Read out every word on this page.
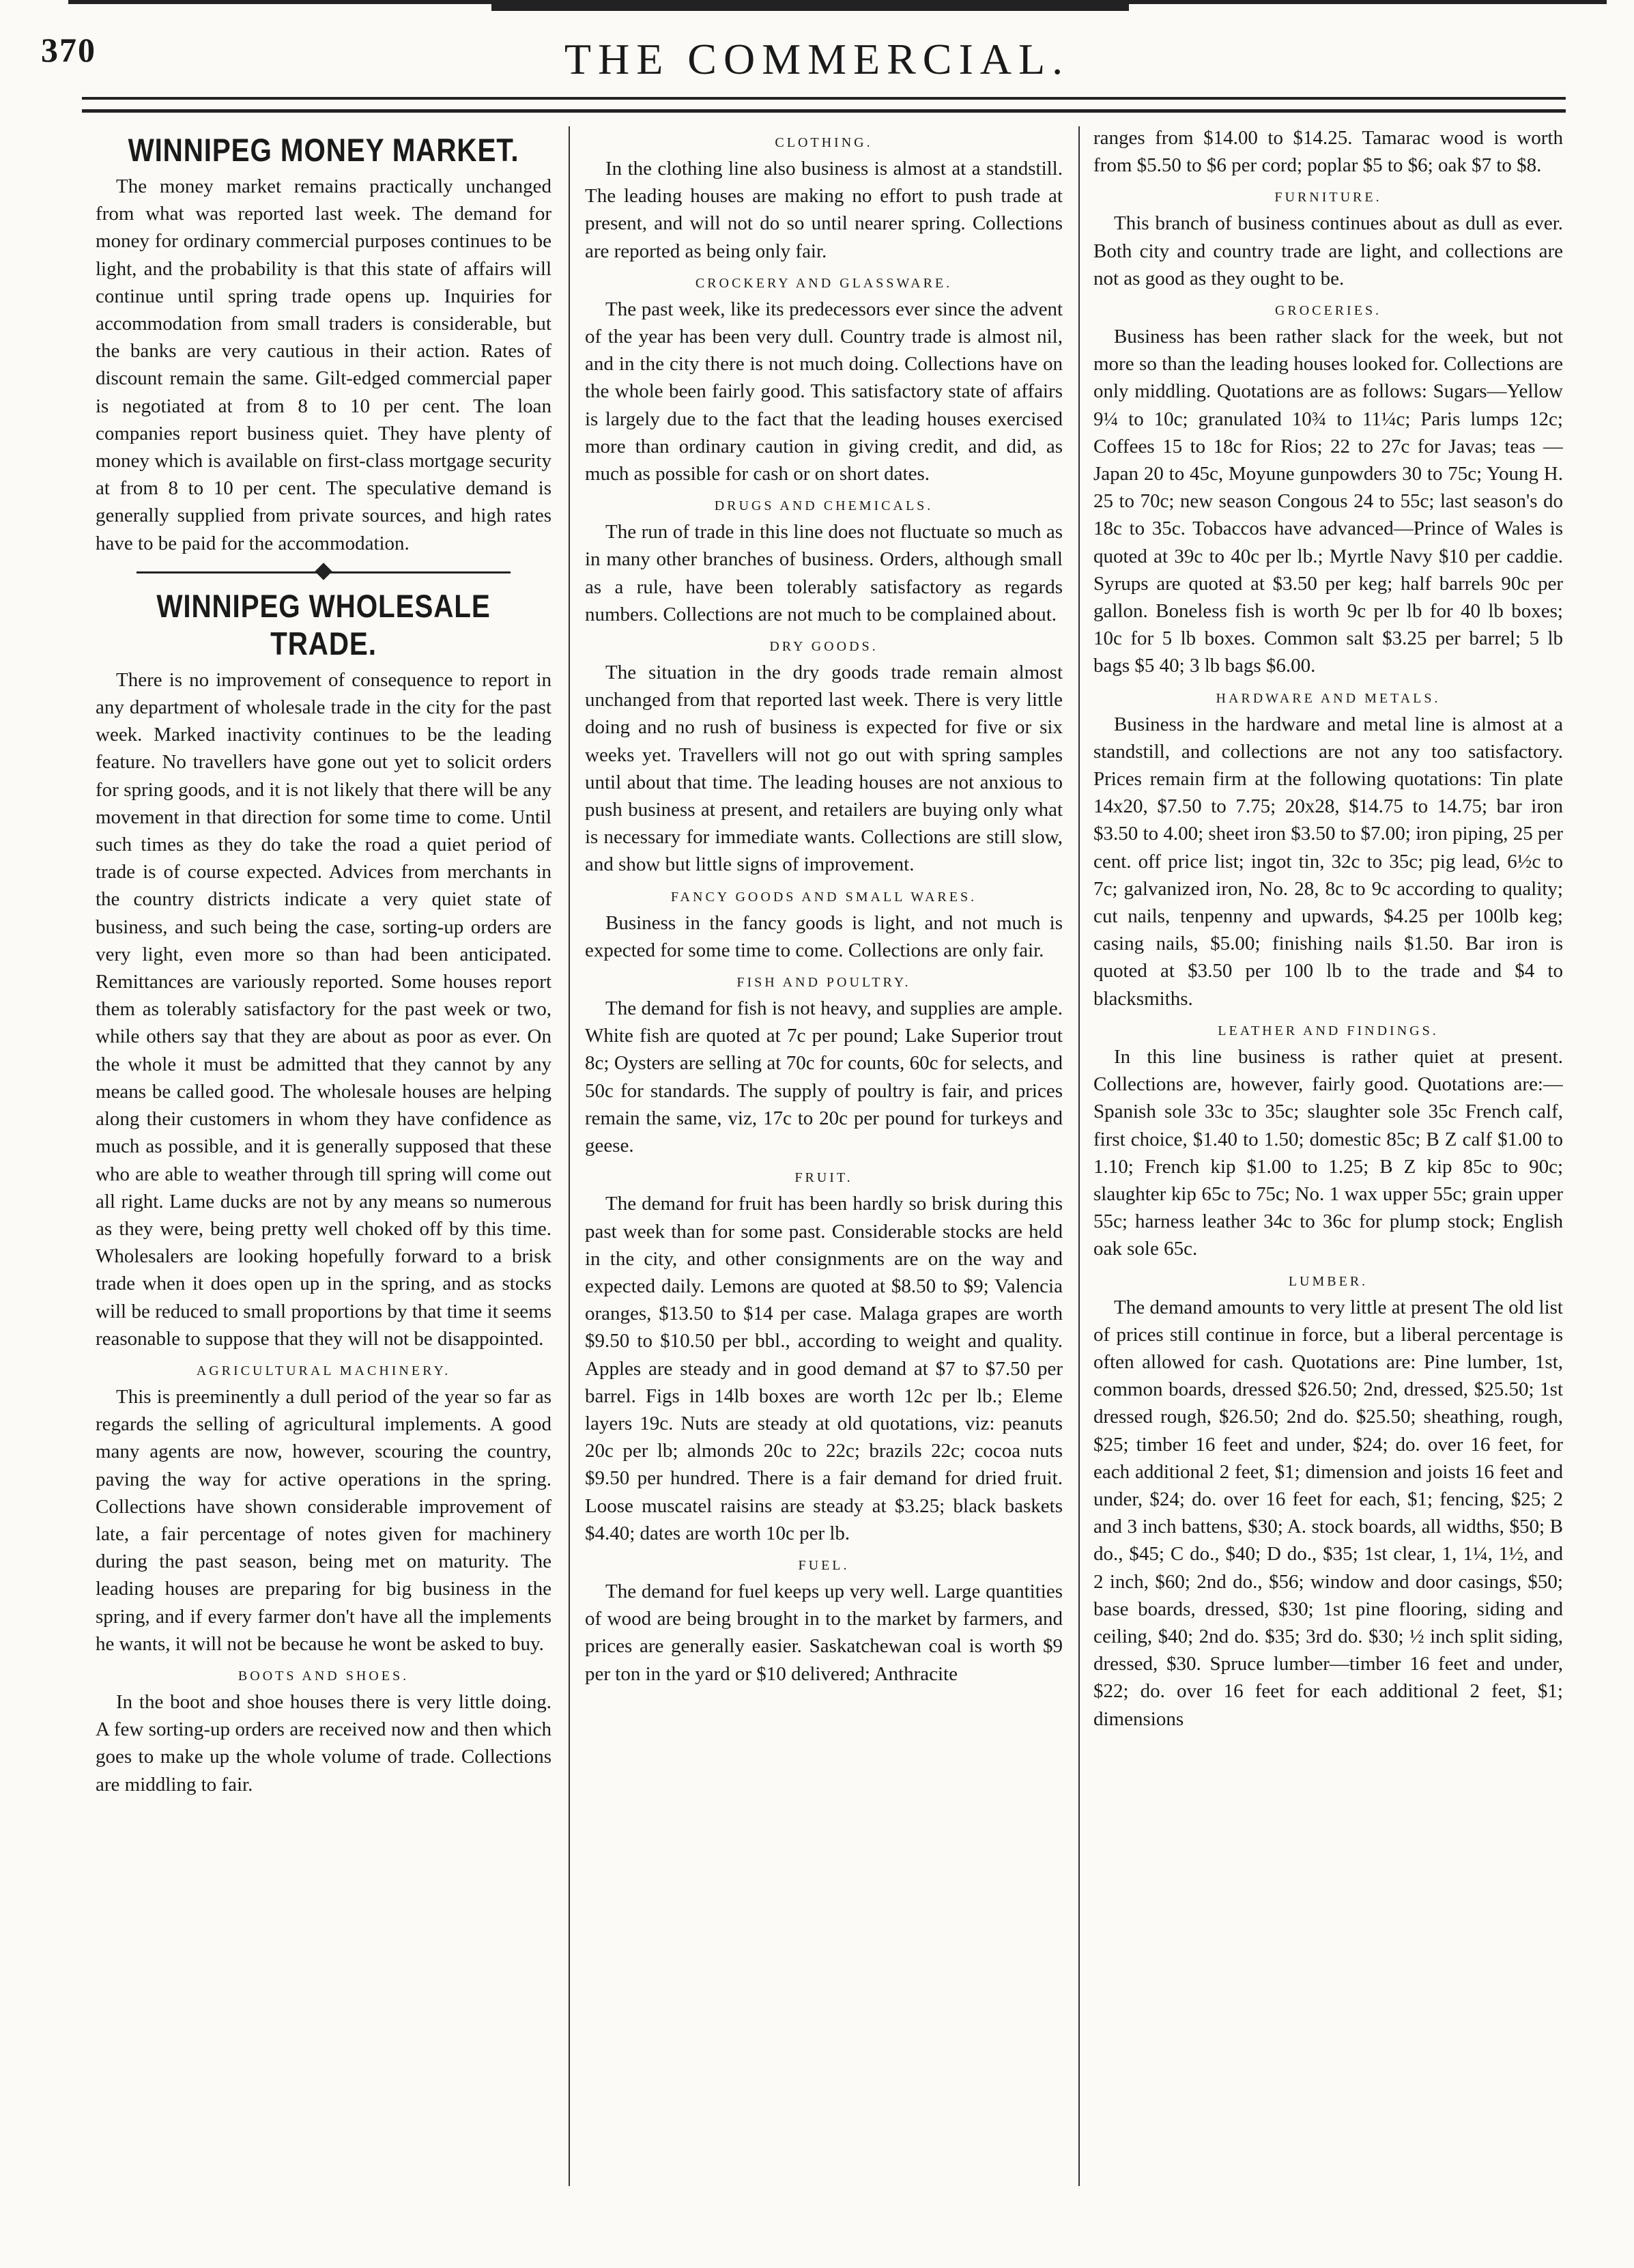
370	THE COMMERCIAL.
WINNIPEG MONEY MARKET.

The money market remains practically unchanged from what was reported last week. The demand for money for ordinary commercial purposes continues to be light, and the probability is that this state of affairs will continue until spring trade opens up. Inquiries for accommodation from small traders is considerable, but the banks are very cautious in their action. Rates of discount remain the same. Gilt-edged commercial paper is negotiated at from 8 to 10 per cent. The loan companies report business quiet. They have plenty of money which is available on first-class mortgage security at from 8 to 10 per cent. The speculative demand is generally supplied from private sources, and high rates have to be paid for the accommodation.

WINNIPEG WHOLESALE TRADE.

There is no improvement of consequence to report in any department of wholesale trade in the city for the past week. Marked inactivity continues to be the leading feature. No travellers have gone out yet to solicit orders for spring goods, and it is not likely that there will be any movement in that direction for some time to come. Until such times as they do take the road a quiet period of trade is of course expected. Advices from merchants in the country districts indicate a very quiet state of business, and such being the case, sorting-up orders are very light, even more so than had been anticipated. Remittances are variously reported. Some houses report them as tolerably satisfactory for the past week or two, while others say that they are about as poor as ever. On the whole it must be admitted that they cannot by any means be called good. The wholesale houses are helping along their customers in whom they have confidence as much as possible, and it is generally supposed that these who are able to weather through till spring will come out all right. Lame ducks are not by any means so numerous as they were, being pretty well choked off by this time. Wholesalers are looking hopefully forward to a brisk trade when it does open up in the spring, and as stocks will be reduced to small proportions by that time it seems reasonable to suppose that they will not be disappointed.

AGRICULTURAL MACHINERY.

This is preeminently a dull period of the year so far as regards the selling of agricultural implements. A good many agents are now, however, scouring the country, paving the way for active operations in the spring. Collections have shown considerable improvement of late, a fair percentage of notes given for machinery during the past season, being met on maturity. The leading houses are preparing for big business in the spring, and if every farmer don't have all the implements he wants, it will not be because he wont be asked to buy.

BOOTS AND SHOES.

In the boot and shoe houses there is very little doing. A few sorting-up orders are received now and then which goes to make up the whole volume of trade. Collections are middling to fair.

CLOTHING.

In the clothing line also business is almost at a standstill. The leading houses are making no effort to push trade at present, and will not do so until nearer spring. Collections are reported as being only fair.

CROCKERY AND GLASSWARE.

The past week, like its predecessors ever since the advent of the year has been very dull. Country trade is almost nil, and in the city there is not much doing. Collections have on the whole been fairly good. This satisfactory state of affairs is largely due to the fact that the leading houses exercised more than ordinary caution in giving credit, and did, as much as possible for cash or on short dates.

DRUGS AND CHEMICALS.

The run of trade in this line does not fluctuate so much as in many other branches of business. Orders, although small as a rule, have been tolerably satisfactory as regards numbers. Collections are not much to be complained about.

DRY GOODS.

The situation in the dry goods trade remain almost unchanged from that reported last week. There is very little doing and no rush of business is expected for five or six weeks yet. Travellers will not go out with spring samples until about that time. The leading houses are not anxious to push business at present, and retailers are buying only what is necessary for immediate wants. Collections are still slow, and show but little signs of improvement.

FANCY GOODS AND SMALL WARES.

Business in the fancy goods is light, and not much is expected for some time to come. Collections are only fair.

FISH AND POULTRY.

The demand for fish is not heavy, and supplies are ample. White fish are quoted at 7c per pound; Lake Superior trout 8c; Oysters are selling at 70c for counts, 60c for selects, and 50c for standards. The supply of poultry is fair, and prices remain the same, viz, 17c to 20c per pound for turkeys and geese.

FRUIT.

The demand for fruit has been hardly so brisk during this past week than for some past. Considerable stocks are held in the city, and other consignments are on the way and expected daily. Lemons are quoted at $8.50 to $9; Valencia oranges, $13.50 to $14 per case. Malaga grapes are worth $9.50 to $10.50 per bbl., according to weight and quality. Apples are steady and in good demand at $7 to $7.50 per barrel. Figs in 14lb boxes are worth 12c per lb.; Eleme layers 19c. Nuts are steady at old quotations, viz: peanuts 20c per lb; almonds 20c to 22c; brazils 22c; cocoa nuts $9.50 per hundred. There is a fair demand for dried fruit. Loose muscatel raisins are steady at $3.25; black baskets $4.40; dates are worth 10c per lb.

FUEL.

The demand for fuel keeps up very well. Large quantities of wood are being brought in to the market by farmers, and prices are generally easier. Saskatchewan coal is worth $9 per ton in the yard or $10 delivered; Anthracite

ranges from $14.00 to $14.25. Tamarac wood is worth from $5.50 to $6 per cord; poplar $5 to $6; oak $7 to $8.

FURNITURE.

This branch of business continues about as dull as ever. Both city and country trade are light, and collections are not as good as they ought to be.

GROCERIES.

Business has been rather slack for the week, but not more so than the leading houses looked for. Collections are only middling. Quotations are as follows: Sugars—Yellow 9¼ to 10c; granulated 10¾ to 11¼c; Paris lumps 12c; Coffees 15 to 18c for Rios; 22 to 27c for Javas; teas — Japan 20 to 45c, Moyune gunpowders 30 to 75c; Young H. 25 to 70c; new season Congous 24 to 55c; last season's do 18c to 35c. Tobaccos have advanced—Prince of Wales is quoted at 39c to 40c per lb.; Myrtle Navy $10 per caddie. Syrups are quoted at $3.50 per keg; half barrels 90c per gallon. Boneless fish is worth 9c per lb for 40 lb boxes; 10c for 5 lb boxes. Common salt $3.25 per barrel; 5 lb bags $5 40; 3 lb bags $6.00.

HARDWARE AND METALS.

Business in the hardware and metal line is almost at a standstill, and collections are not any too satisfactory. Prices remain firm at the following quotations: Tin plate 14x20, $7.50 to 7.75; 20x28, $14.75 to 14.75; bar iron $3.50 to 4.00; sheet iron $3.50 to $7.00; iron piping, 25 per cent. off price list; ingot tin, 32c to 35c; pig lead, 6½c to 7c; galvanized iron, No. 28, 8c to 9c according to quality; cut nails, tenpenny and upwards, $4.25 per 100lb keg; casing nails, $5.00; finishing nails $1.50. Bar iron is quoted at $3.50 per 100 lb to the trade and $4 to blacksmiths.

LEATHER AND FINDINGS.

In this line business is rather quiet at present. Collections are, however, fairly good. Quotations are:—Spanish sole 33c to 35c; slaughter sole 35c French calf, first choice, $1.40 to 1.50; domestic 85c; B Z calf $1.00 to 1.10; French kip $1.00 to 1.25; B Z kip 85c to 90c; slaughter kip 65c to 75c; No. 1 wax upper 55c; grain upper 55c; harness leather 34c to 36c for plump stock; English oak sole 65c.

LUMBER.

The demand amounts to very little at present The old list of prices still continue in force, but a liberal percentage is often allowed for cash. Quotations are: Pine lumber, 1st, common boards, dressed $26.50; 2nd, dressed, $25.50; 1st dressed rough, $26.50; 2nd do. $25.50; sheathing, rough, $25; timber 16 feet and under, $24; do. over 16 feet, for each additional 2 feet, $1; dimension and joists 16 feet and under, $24; do. over 16 feet for each, $1; fencing, $25; 2 and 3 inch battens, $30; A. stock boards, all widths, $50; B do., $45; C do., $40; D do., $35; 1st clear, 1, 1¼, 1½, and 2 inch, $60; 2nd do., $56; window and door casings, $50; base boards, dressed, $30; 1st pine flooring, siding and ceiling, $40; 2nd do. $35; 3rd do. $30; ½ inch split siding, dressed, $30. Spruce lumber—timber 16 feet and under, $22; do. over 16 feet for each additional 2 feet, $1; dimensions
